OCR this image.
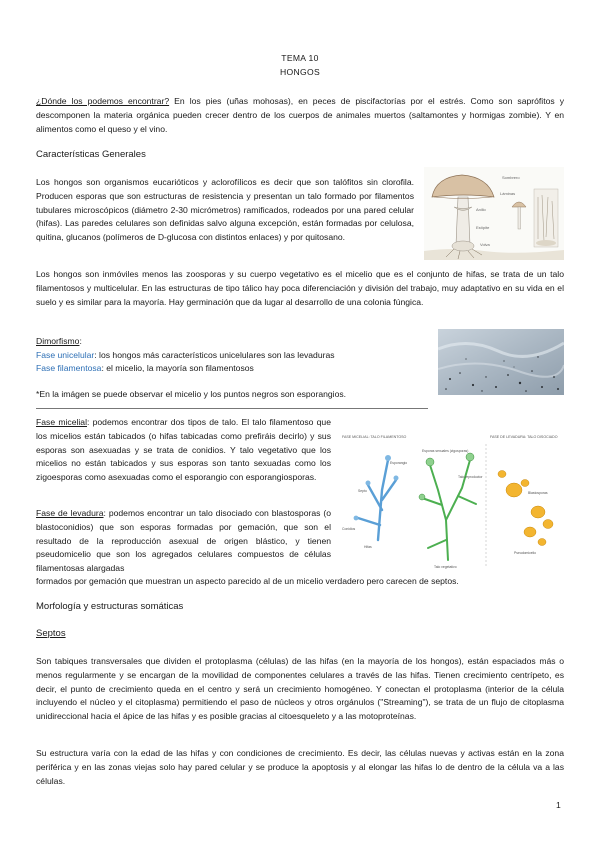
TEMA 10
HONGOS

¿Dónde los podemos encontrar? En los pies (uñas mohosas), en peces de piscifactorías por el estrés. Como son saprófitos y descomponen la materia orgánica pueden crecer dentro de los cuerpos de animales muertos (saltamontes y hormigas zombie). Y en alimentos como el queso y el vino.

Características Generales

Los hongos son organismos eucarióticos y aclorofílicos es decir que son talófitos sin clorofila. Producen esporas que son estructuras de resistencia y presentan un talo formado por filamentos tubulares microscópicos (diámetro 2-30 micrómetros) ramificados, rodeados por una pared celular (hifas). Las paredes celulares son definidas salvo alguna excepción, están formadas por celulosa, quitina, glucanos (polímeros de D-glucosa con distintos enlaces) y por quitosano.

Sombrero
Láminas
Anillo
Estípite
Volva

Los hongos son inmóviles menos las zoosporas y su cuerpo vegetativo es el micelio que es el conjunto de hifas, se trata de un talo filamentosos y multicelular. En las estructuras de tipo tálico hay poca diferenciación y división del trabajo, muy adaptativo en su vida en el suelo y es similar para la mayoría. Hay germinación que da lugar al desarrollo de una colonia fúngica.

Dimorfismo:
Fase unicelular: los hongos más característicos unicelulares son las levaduras
Fase filamentosa: el micelio, la mayoría son filamentosos
*En la imágen se puede observar el micelio y los puntos negros son esporangios.

Fase micelial: podemos encontrar dos tipos de talo. El talo filamentoso que los micelios están tabicados (o hifas tabicadas como prefiráis decirlo) y sus esporas son asexuadas y se trata de conidios. Y talo vegetativo que los micelios no están tabicados y sus esporas son tanto sexuadas como los zigoesporas como asexuadas como el esporangio con esporangiosporas.

Fase de levadura: podemos encontrar un talo disociado con blastosporas (o blastoconidios) que son esporas formadas por gemación, que son el resultado de la reproducción asexual de origen blástico, y tienen pseudomicelio que son los agregados celulares compuestos de células filamentosas alargadas

formados por gemación que muestran un aspecto parecido al de un micelio verdadero pero carecen de septos.

FASE MICELIAL: TALO FILAMENTOSO	FASE DE LEVADURA: TALO DISOCIADO
Esporangio
Septo
Esporas sexuales (zigosporas)
Talo vegetativo
Hifas
Conidios
Blastosporas
Pseudomicelio
Talo reproductor
Morfología y estructuras somáticas
Septos

Son tabiques transversales que dividen el protoplasma (células) de las hifas (en la mayoría de los hongos), están espaciados más o menos regularmente y se encargan de la movilidad de componentes celulares a través de las hifas. Tienen crecimiento centrípeto, es decir, el punto de crecimiento queda en el centro y será un crecimiento homogéneo. Y conectan el protoplasma (interior de la célula incluyendo el núcleo y el citoplasma) permitiendo el paso de núcleos y otros orgánulos ("Streaming"), se trata de un flujo de citoplasma unidireccional hacia el ápice de las hifas y es posible gracias al citoesqueleto y a las motoproteínas.

Su estructura varía con la edad de las hifas y con condiciones de crecimiento. Es decir, las células nuevas y activas están en la zona periférica y en las zonas viejas solo hay pared celular y se produce la apoptosis y al elongar las hifas lo de dentro de la célula va a las células.

1
